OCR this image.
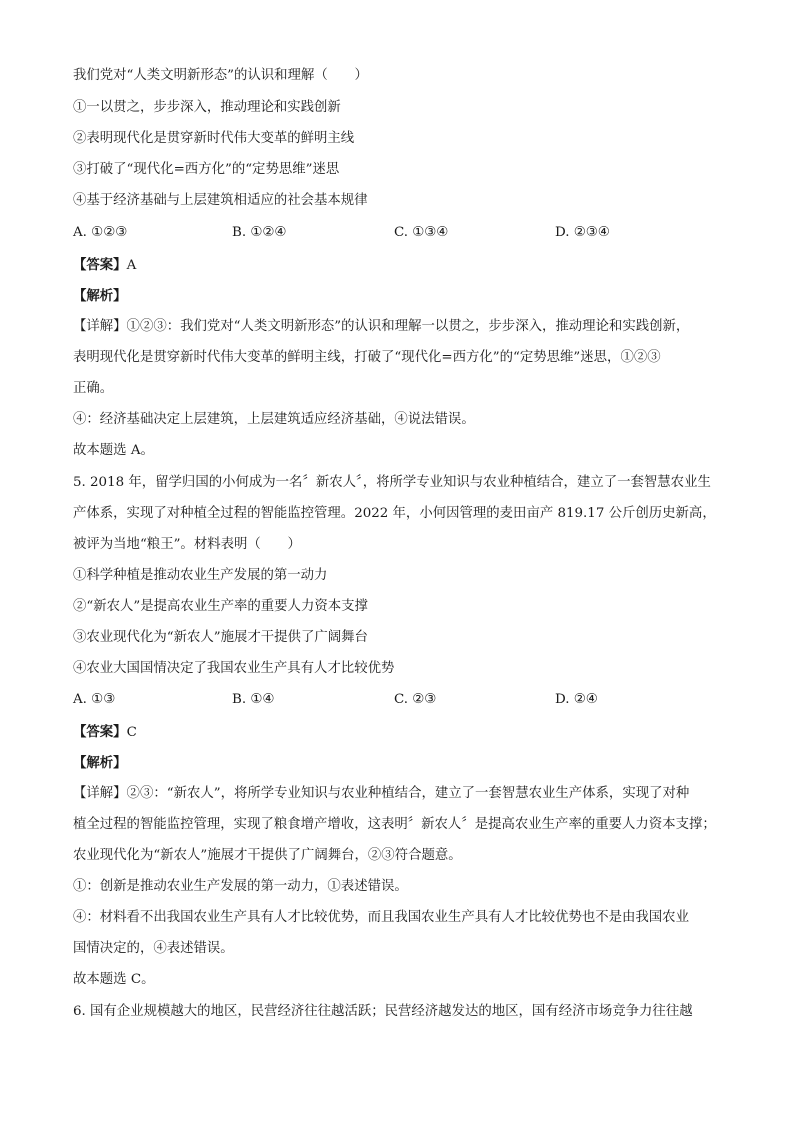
我们党对“人类文明新形态”的认识和理解（　　）
①一以贯之，步步深入，推动理论和实践创新
②表明现代化是贯穿新时代伟大变革的鲜明主线
③打破了“现代化=西方化”的“定势思维”迷思
④基于经济基础与上层建筑相适应的社会基本规律
A. ①②③	B. ①②④	C. ①③④	D. ②③④
【答案】A
【解析】
【详解】①②③：我们党对“人类文明新形态”的认识和理解一以贯之，步步深入，推动理论和实践创新，
表明现代化是贯穿新时代伟大变革的鲜明主线，打破了“现代化=西方化”的“定势思维”迷思，①②③
正确。
④：经济基础决定上层建筑，上层建筑适应经济基础，④说法错误。
故本题选 A。
5. 2018 年，留学归国的小何成为一名〞新农人〞，将所学专业知识与农业种植结合，建立了一套智慧农业生
产体系，实现了对种植全过程的智能监控管理。2022 年，小何因管理的麦田亩产 819.17 公斤创历史新高，
被评为当地“粮王”。材料表明（　　）
①科学种植是推动农业生产发展的第一动力
②“新农人”是提高农业生产率的重要人力资本支撑
③农业现代化为“新农人”施展才干提供了广阔舞台
④农业大国国情决定了我国农业生产具有人才比较优势
A. ①③	B. ①④	C. ②③	D. ②④
【答案】C
【解析】
【详解】②③：“新农人”，将所学专业知识与农业种植结合，建立了一套智慧农业生产体系，实现了对种
植全过程的智能监控管理，实现了粮食增产增收，这表明〞新农人〞是提高农业生产率的重要人力资本支撑；
农业现代化为“新农人”施展才干提供了广阔舞台，②③符合题意。
①：创新是推动农业生产发展的第一动力，①表述错误。
④：材料看不出我国农业生产具有人才比较优势，而且我国农业生产具有人才比较优势也不是由我国农业
国情决定的，④表述错误。
故本题选 C。
6. 国有企业规模越大的地区，民营经济往往越活跃；民营经济越发达的地区，国有经济市场竞争力往往越
